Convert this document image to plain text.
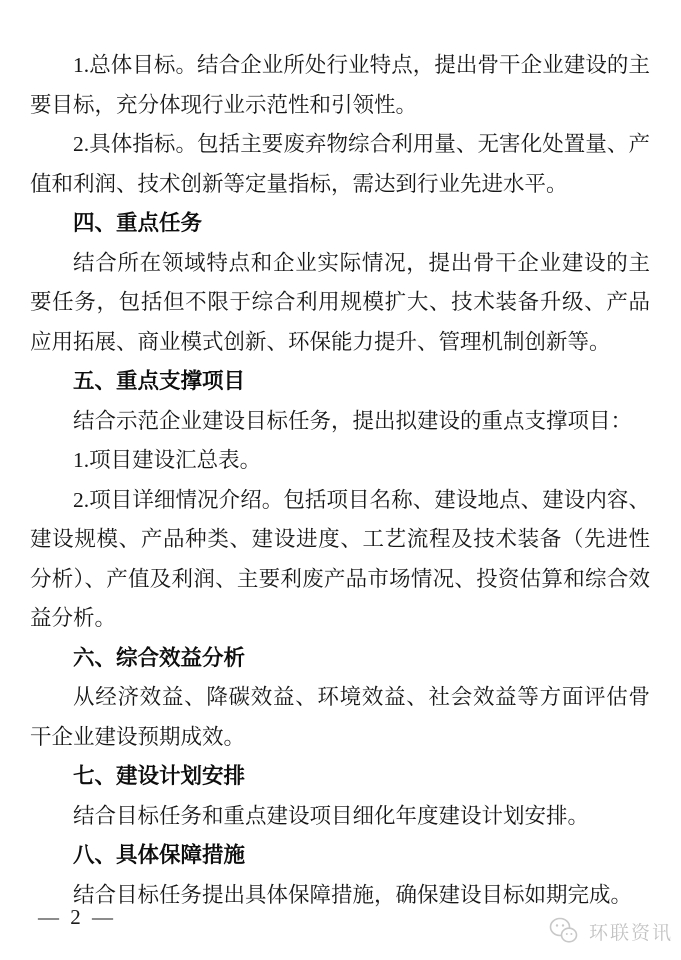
1.总体目标。结合企业所处行业特点，提出骨干企业建设的主要目标，充分体现行业示范性和引领性。
2.具体指标。包括主要废弃物综合利用量、无害化处置量、产值和利润、技术创新等定量指标，需达到行业先进水平。
四、重点任务
结合所在领域特点和企业实际情况，提出骨干企业建设的主要任务，包括但不限于综合利用规模扩大、技术装备升级、产品应用拓展、商业模式创新、环保能力提升、管理机制创新等。
五、重点支撑项目
结合示范企业建设目标任务，提出拟建设的重点支撑项目：
1.项目建设汇总表。
2.项目详细情况介绍。包括项目名称、建设地点、建设内容、建设规模、产品种类、建设进度、工艺流程及技术装备（先进性分析）、产值及利润、主要利废产品市场情况、投资估算和综合效益分析。
六、综合效益分析
从经济效益、降碳效益、环境效益、社会效益等方面评估骨干企业建设预期成效。
七、建设计划安排
结合目标任务和重点建设项目细化年度建设计划安排。
八、具体保障措施
结合目标任务提出具体保障措施，确保建设目标如期完成。
— 2 —
环联资讯
